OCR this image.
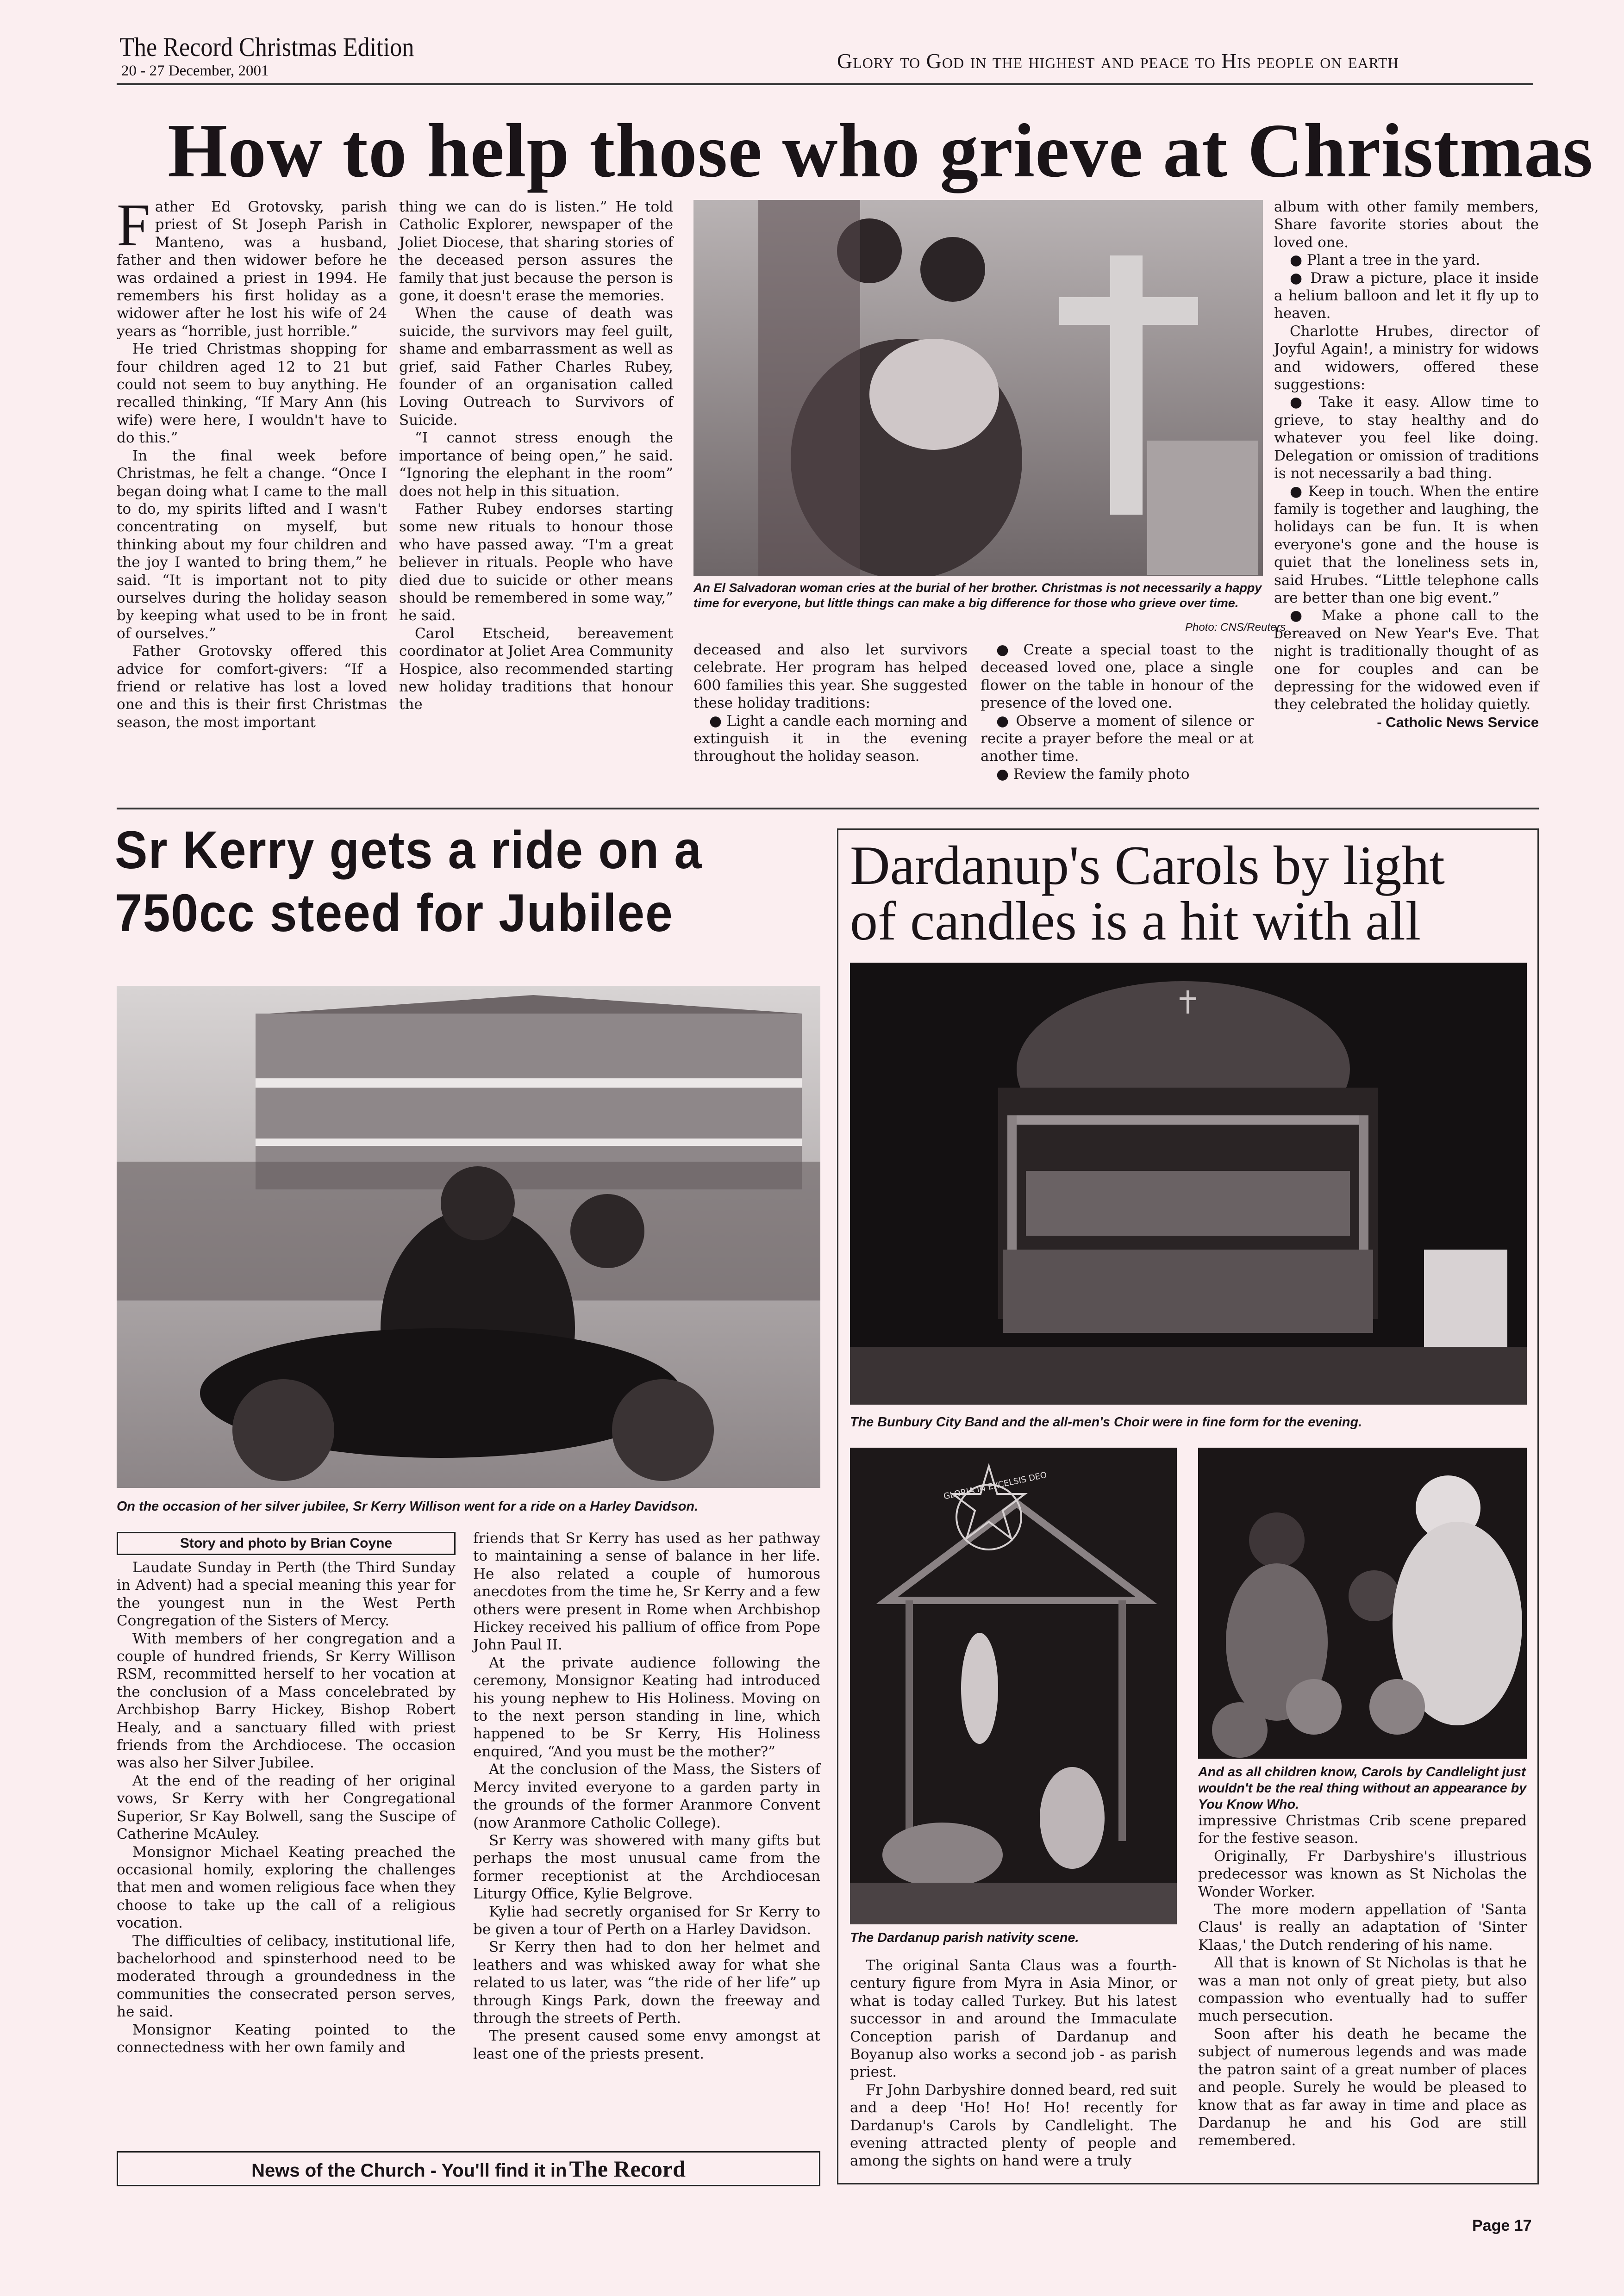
The Record Christmas Edition
20 - 27 December, 2001	Glory to God in the highest and peace to His people on earth
How to help those who grieve at Christmas
F ather Ed Grotovsky, parish priest of St Joseph Parish in Manteno, was a husband, father and then widower before he was ordained a priest in 1994. He remembers his first holiday as a widower after he lost his wife of 24 years as “horrible, just horrible.”

He tried Christmas shopping for four children aged 12 to 21 but could not seem to buy anything. He recalled thinking, “If Mary Ann (his wife) were here, I wouldn't have to do this.”

In the final week before Christmas, he felt a change. “Once I began doing what I came to the mall to do, my spirits lifted and I wasn't concentrating on myself, but thinking about my four children and the joy I wanted to bring them,” he said. “It is important not to pity ourselves during the holiday season by keeping what used to be in front of ourselves.”

Father Grotovsky offered this advice for comfort-givers: “If a friend or relative has lost a loved one and this is their first Christmas season, the most important

thing we can do is listen.” He told Catholic Explorer, newspaper of the Joliet Diocese, that sharing stories of the deceased person assures the family that just because the person is gone, it doesn't erase the memories.

When the cause of death was suicide, the survivors may feel guilt, shame and embarrassment as well as grief, said Father Charles Rubey, founder of an organisation called Loving Outreach to Survivors of Suicide.

“I cannot stress enough the importance of being open,” he said. “Ignoring the elephant in the room” does not help in this situation.

Father Rubey endorses starting some new rituals to honour those who have passed away. “I'm a great believer in rituals. People who have died due to suicide or other means should be remembered in some way,” he said.

Carol Etscheid, bereavement coordinator at Joliet Area Community Hospice, also recommended starting new holiday traditions that honour the

An El Salvadoran woman cries at the burial of her brother. Christmas is not necessarily a happy time for everyone, but little things can make a big difference for those who grieve over time.
Photo: CNS/Reuters

deceased and also let survivors celebrate. Her program has helped 600 families this year. She suggested these holiday traditions:

● Light a candle each morning and extinguish it in the evening throughout the holiday season.

● Create a special toast to the deceased loved one, place a single flower on the table in honour of the presence of the loved one.

● Observe a moment of silence or recite a prayer before the meal or at another time.

● Review the family photo

album with other family members, Share favorite stories about the loved one.

● Plant a tree in the yard.

● Draw a picture, place it inside a helium balloon and let it fly up to heaven.

Charlotte Hrubes, director of Joyful Again!, a ministry for widows and widowers, offered these suggestions:

● Take it easy. Allow time to grieve, to stay healthy and do whatever you feel like doing. Delegation or omission of traditions is not necessarily a bad thing.

● Keep in touch. When the entire family is together and laughing, the holidays can be fun. It is when everyone's gone and the house is quiet that the loneliness sets in, said Hrubes. “Little telephone calls are better than one big event.”

● Make a phone call to the bereaved on New Year's Eve. That night is traditionally thought of as one for couples and can be depressing for the widowed even if they celebrated the holiday quietly.

- Catholic News Service

Sr Kerry gets a ride on a
750cc steed for Jubilee
On the occasion of her silver jubilee, Sr Kerry Willison went for a ride on a Harley Davidson.
Story and photo by Brian Coyne

Laudate Sunday in Perth (the Third Sunday in Advent) had a special meaning this year for the youngest nun in the West Perth Congregation of the Sisters of Mercy.

With members of her congregation and a couple of hundred friends, Sr Kerry Willison RSM, recommitted herself to her vocation at the conclusion of a Mass concelebrated by Archbishop Barry Hickey, Bishop Robert Healy, and a sanctuary filled with priest friends from the Archdiocese. The occasion was also her Silver Jubilee.

At the end of the reading of her original vows, Sr Kerry with her Congregational Superior, Sr Kay Bolwell, sang the Suscipe of Catherine McAuley.

Monsignor Michael Keating preached the occasional homily, exploring the challenges that men and women religious face when they choose to take up the call of a religious vocation.

The difficulties of celibacy, institutional life, bachelorhood and spinsterhood need to be moderated through a groundedness in the communities the consecrated person serves, he said.

Monsignor Keating pointed to the connectedness with her own family and

friends that Sr Kerry has used as her pathway to maintaining a sense of balance in her life. He also related a couple of humorous anecdotes from the time he, Sr Kerry and a few others were present in Rome when Archbishop Hickey received his pallium of office from Pope John Paul II.

At the private audience following the ceremony, Monsignor Keating had introduced his young nephew to His Holiness. Moving on to the next person standing in line, which happened to be Sr Kerry, His Holiness enquired, “And you must be the mother?”

At the conclusion of the Mass, the Sisters of Mercy invited everyone to a garden party in the grounds of the former Aranmore Convent (now Aranmore Catholic College).

Sr Kerry was showered with many gifts but perhaps the most unusual came from the former receptionist at the Archdiocesan Liturgy Office, Kylie Belgrove.

Kylie had secretly organised for Sr Kerry to be given a tour of Perth on a Harley Davidson.

Sr Kerry then had to don her helmet and leathers and was whisked away for what she related to us later, was “the ride of her life” up through Kings Park, down the freeway and through the streets of Perth.

The present caused some envy amongst at least one of the priests present.

News of the Church - You'll find it in The Record
Dardanup's Carols by light
of candles is a hit with all
The Bunbury City Band and the all-men's Choir were in fine form for the evening.
GLORIA IN EXCELSIS DEO
The Dardanup parish nativity scene.
And as all children know, Carols by Candlelight just wouldn't be the real thing without an appearance by You Know Who.

The original Santa Claus was a fourth-century figure from Myra in Asia Minor, or what is today called Turkey. But his latest successor in and around the Immaculate Conception parish of Dardanup and Boyanup also works a second job - as parish priest.

Fr John Darbyshire donned beard, red suit and a deep 'Ho! Ho! Ho! recently for Dardanup's Carols by Candlelight. The evening attracted plenty of people and among the sights on hand were a truly

impressive Christmas Crib scene prepared for the festive season.

Originally, Fr Darbyshire's illustrious predecessor was known as St Nicholas the Wonder Worker.

The more modern appellation of 'Santa Claus' is really an adaptation of 'Sinter Klaas,' the Dutch rendering of his name.

All that is known of St Nicholas is that he was a man not only of great piety, but also compassion who eventually had to suffer much persecution.

Soon after his death he became the subject of numerous legends and was made the patron saint of a great number of places and people. Surely he would be pleased to know that as far away in time and place as Dardanup he and his God are still remembered.

Page 17
